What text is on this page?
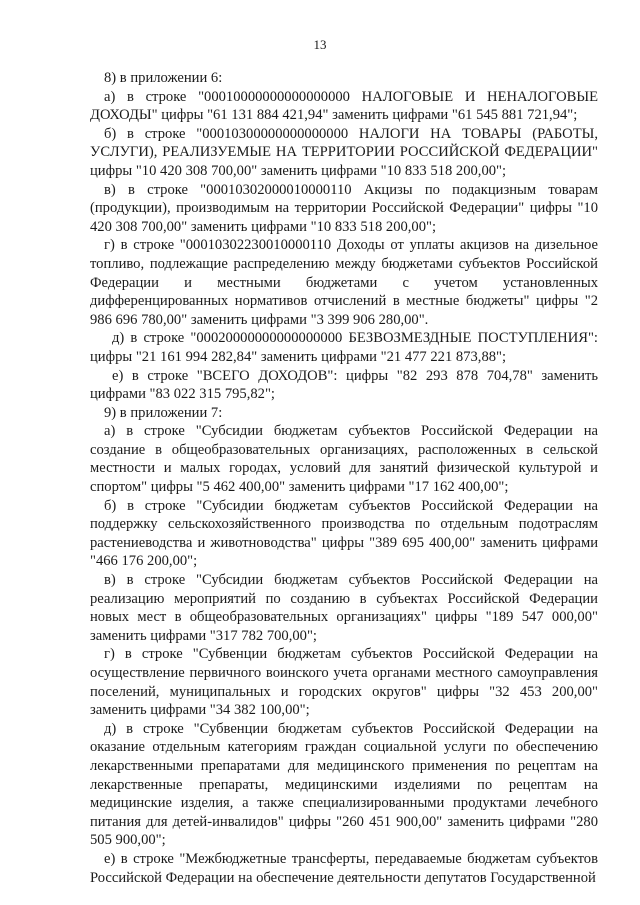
13

8) в приложении 6:

а) в строке "00010000000000000000 НАЛОГОВЫЕ И НЕНАЛОГОВЫЕ ДОХОДЫ" цифры "61 131 884 421,94" заменить цифрами "61 545 881 721,94";

б) в строке "00010300000000000000 НАЛОГИ НА ТОВАРЫ (РАБОТЫ, УСЛУГИ), РЕАЛИЗУЕМЫЕ НА ТЕРРИТОРИИ РОССИЙСКОЙ ФЕДЕРАЦИИ" цифры "10 420 308 700,00" заменить цифрами "10 833 518 200,00";

в) в строке "00010302000010000110 Акцизы по подакцизным товарам (продукции), производимым на территории Российской Федерации" цифры "10 420 308 700,00" заменить цифрами "10 833 518 200,00";

г) в строке "00010302230010000110 Доходы от уплаты акцизов на дизельное топливо, подлежащие распределению между бюджетами субъектов Российской Федерации и местными бюджетами с учетом установленных дифференцированных нормативов отчислений в местные бюджеты" цифры "2 986 696 780,00" заменить цифрами "3 399 906 280,00".

д) в строке "00020000000000000000 БЕЗВОЗМЕЗДНЫЕ ПОСТУПЛЕНИЯ": цифры "21 161 994 282,84" заменить цифрами "21 477 221 873,88";

е) в строке "ВСЕГО ДОХОДОВ": цифры "82 293 878 704,78" заменить цифрами "83 022 315 795,82";

9) в приложении 7:

а) в строке "Субсидии бюджетам субъектов Российской Федерации на создание в общеобразовательных организациях, расположенных в сельской местности и малых городах, условий для занятий физической культурой и спортом" цифры "5 462 400,00" заменить цифрами "17 162 400,00";

б) в строке "Субсидии бюджетам субъектов Российской Федерации на поддержку сельскохозяйственного производства по отдельным подотраслям растениеводства и животноводства" цифры "389 695 400,00" заменить цифрами "466 176 200,00";

в) в строке "Субсидии бюджетам субъектов Российской Федерации на реализацию мероприятий по созданию в субъектах Российской Федерации новых мест в общеобразовательных организациях" цифры "189 547 000,00" заменить цифрами "317 782 700,00";

г) в строке "Субвенции бюджетам субъектов Российской Федерации на осуществление первичного воинского учета органами местного самоуправления поселений, муниципальных и городских округов" цифры "32 453 200,00" заменить цифрами "34 382 100,00";

д) в строке "Субвенции бюджетам субъектов Российской Федерации на оказание отдельным категориям граждан социальной услуги по обеспечению лекарственными препаратами для медицинского применения по рецептам на лекарственные препараты, медицинскими изделиями по рецептам на медицинские изделия, а также специализированными продуктами лечебного питания для детей-инвалидов" цифры "260 451 900,00" заменить цифрами "280 505 900,00";

е) в строке "Межбюджетные трансферты, передаваемые бюджетам субъектов Российской Федерации на обеспечение деятельности депутатов Государственной
